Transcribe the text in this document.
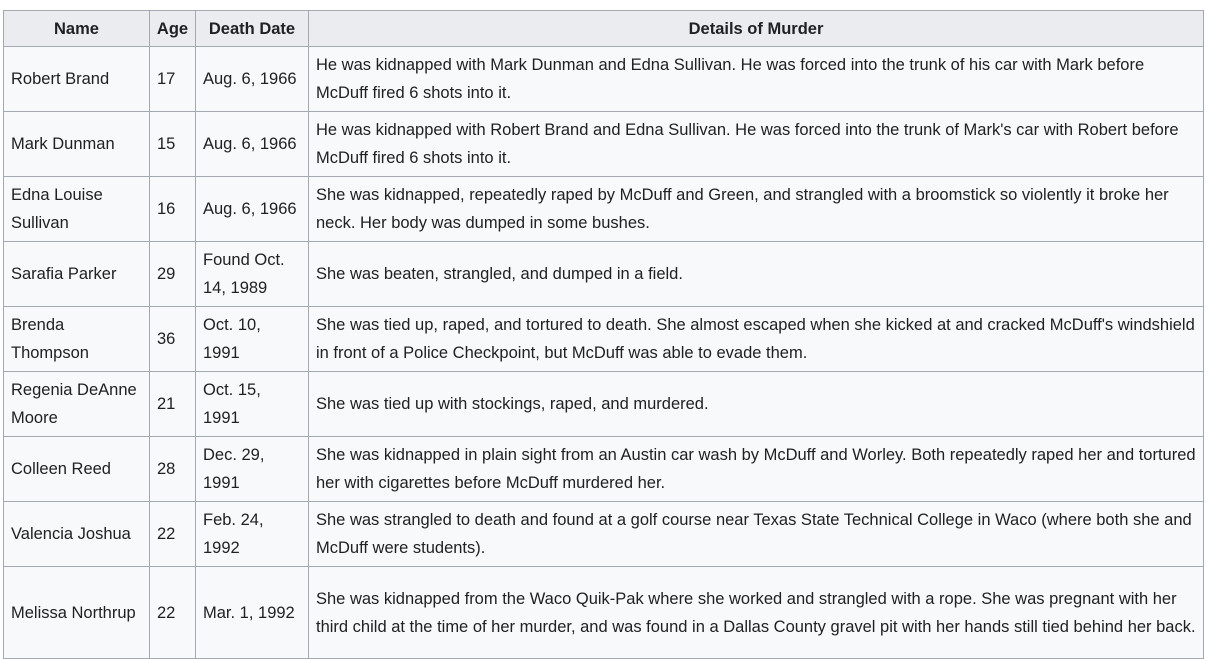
Name	Age	Death Date	Details of Murder
Robert Brand	17	Aug. 6, 1966	He was kidnapped with Mark Dunman and Edna Sullivan. He was forced into the trunk of his car with Mark before McDuff fired 6 shots into it.
Mark Dunman	15	Aug. 6, 1966	He was kidnapped with Robert Brand and Edna Sullivan. He was forced into the trunk of Mark's car with Robert before McDuff fired 6 shots into it.
Edna Louise Sullivan	16	Aug. 6, 1966	She was kidnapped, repeatedly raped by McDuff and Green, and strangled with a broomstick so violently it broke her neck. Her body was dumped in some bushes.
Sarafia Parker	29	Found Oct. 14, 1989	She was beaten, strangled, and dumped in a field.
Brenda Thompson	36	Oct. 10, 1991	She was tied up, raped, and tortured to death. She almost escaped when she kicked at and cracked McDuff's windshield in front of a Police Checkpoint, but McDuff was able to evade them.
Regenia DeAnne Moore	21	Oct. 15, 1991	She was tied up with stockings, raped, and murdered.
Colleen Reed	28	Dec. 29, 1991	She was kidnapped in plain sight from an Austin car wash by McDuff and Worley. Both repeatedly raped her and tortured her with cigarettes before McDuff murdered her.
Valencia Joshua	22	Feb. 24, 1992	She was strangled to death and found at a golf course near Texas State Technical College in Waco (where both she and McDuff were students).
Melissa Northrup	22	Mar. 1, 1992	She was kidnapped from the Waco Quik-Pak where she worked and strangled with a rope. She was pregnant with her third child at the time of her murder, and was found in a Dallas County gravel pit with her hands still tied behind her back.
